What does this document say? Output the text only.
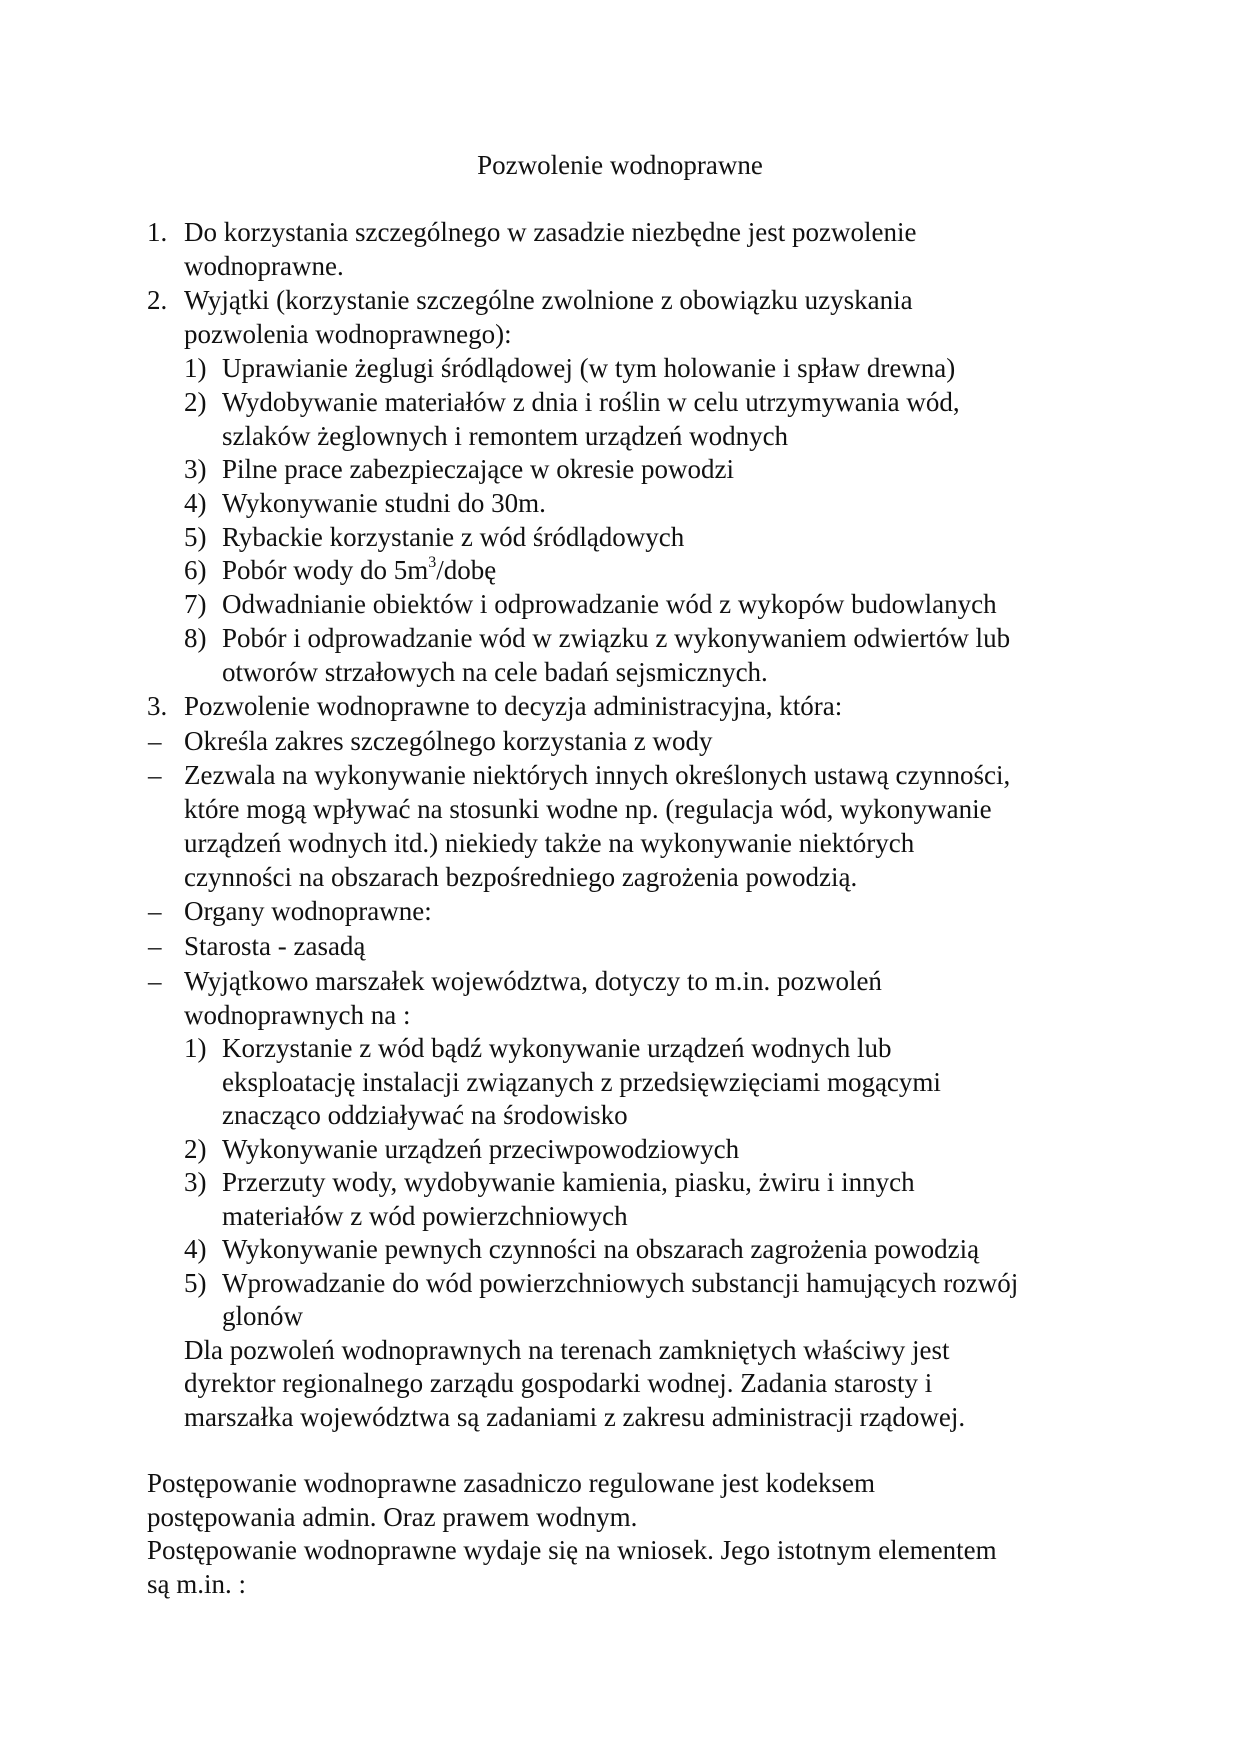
Pozwolenie wodnoprawne
1. Do korzystania szczególnego w zasadzie niezbędne jest pozwolenie
wodnoprawne.
2. Wyjątki (korzystanie szczególne zwolnione z obowiązku uzyskania
pozwolenia wodnoprawnego):
1) Uprawianie żeglugi śródlądowej (w tym holowanie i spław drewna)
2) Wydobywanie materiałów z dnia i roślin w celu utrzymywania wód,
szlaków żeglownych i remontem urządzeń wodnych
3) Pilne prace zabezpieczające w okresie powodzi
4) Wykonywanie studni do 30m.
5) Rybackie korzystanie z wód śródlądowych
6) Pobór wody do $5m^3$/dobę
7) Odwadnianie obiektów i odprowadzanie wód z wykopów budowlanych
8) Pobór i odprowadzanie wód w związku z wykonywaniem odwiertów lub
otworów strzałowych na cele badań sejsmicznych.
3. Pozwolenie wodnoprawne to decyzja administracyjna, która:
– Określa zakres szczególnego korzystania z wody
– Zezwala na wykonywanie niektórych innych określonych ustawą czynności,
które mogą wpływać na stosunki wodne np. (regulacja wód, wykonywanie
urządzeń wodnych itd.) niekiedy także na wykonywanie niektórych
czynności na obszarach bezpośredniego zagrożenia powodzią.
– Organy wodnoprawne:
– Starosta - zasadą
– Wyjątkowo marszałek województwa, dotyczy to m.in. pozwoleń
wodnoprawnych na :
1) Korzystanie z wód bądź wykonywanie urządzeń wodnych lub
eksploatację instalacji związanych z przedsięwzięciami mogącymi
znacząco oddziaływać na środowisko
2) Wykonywanie urządzeń przeciwpowodziowych
3) Przerzuty wody, wydobywanie kamienia, piasku, żwiru i innych
materiałów z wód powierzchniowych
4) Wykonywanie pewnych czynności na obszarach zagrożenia powodzią
5) Wprowadzanie do wód powierzchniowych substancji hamujących rozwój
glonów
Dla pozwoleń wodnoprawnych na terenach zamkniętych właściwy jest
dyrektor regionalnego zarządu gospodarki wodnej. Zadania starosty i
marszałka województwa są zadaniami z zakresu administracji rządowej.
Postępowanie wodnoprawne zasadniczo regulowane jest kodeksem
postępowania admin. Oraz prawem wodnym.
Postępowanie wodnoprawne wydaje się na wniosek. Jego istotnym elementem
są m.in. :
